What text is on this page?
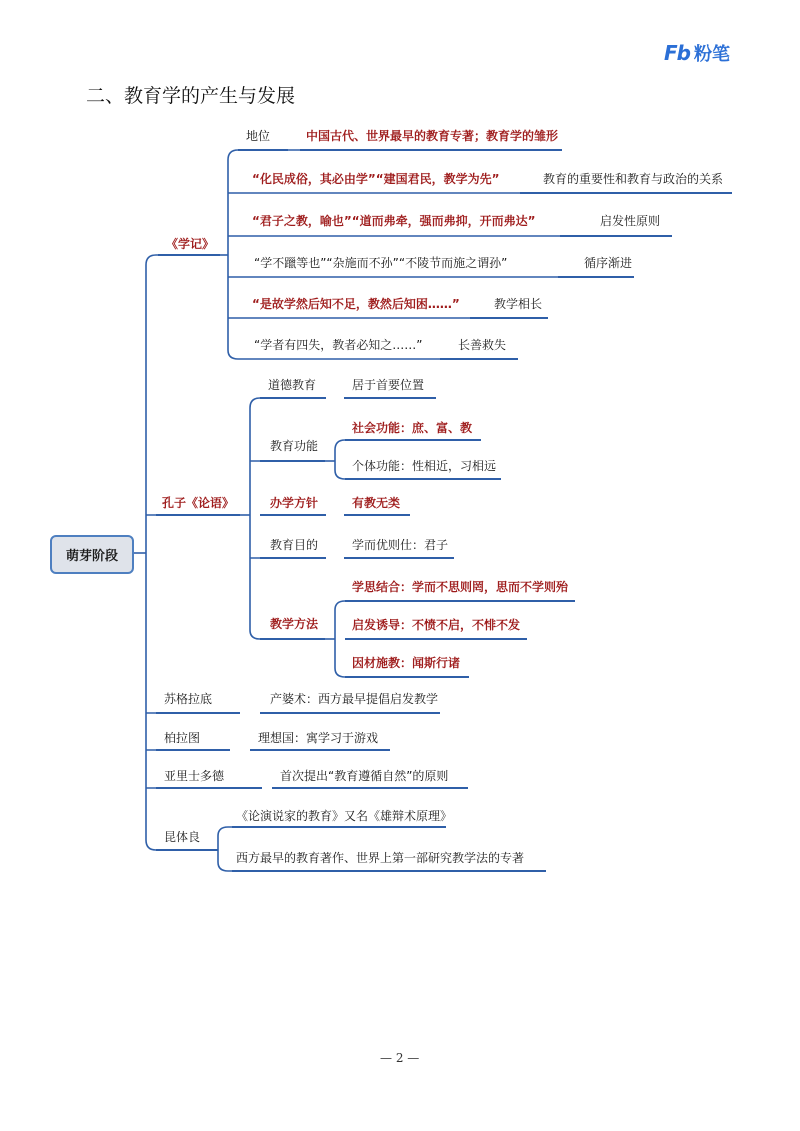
Fb 粉笔
二、教育学的产生与发展
萌芽阶段
《学记》
地位	中国古代、世界最早的教育专著；教育学的雏形
“化民成俗，其必由学”“建国君民，教学为先”	教育的重要性和教育与政治的关系
“君子之教，喻也”“道而弗牵，强而弗抑，开而弗达”	启发性原则
“学不躐等也”“杂施而不孙”“不陵节而施之谓孙”	循序渐进
“是故学然后知不足，教然后知困……”	教学相长
“学者有四失，教者必知之……”	长善救失
孔子《论语》
道德教育	居于首要位置
教育功能
社会功能：庶、富、教
个体功能：性相近，习相远
办学方针	有教无类
教育目的	学而优则仕：君子
教学方法
学思结合：学而不思则罔，思而不学则殆
启发诱导：不愤不启，不悱不发
因材施教：闻斯行诸
苏格拉底	产婆术：西方最早提倡启发教学
柏拉图	理想国：寓学习于游戏
亚里士多德	首次提出“教育遵循自然”的原则
昆体良
《论演说家的教育》又名《雄辩术原理》
西方最早的教育著作、世界上第一部研究教学法的专著
— 2 —
